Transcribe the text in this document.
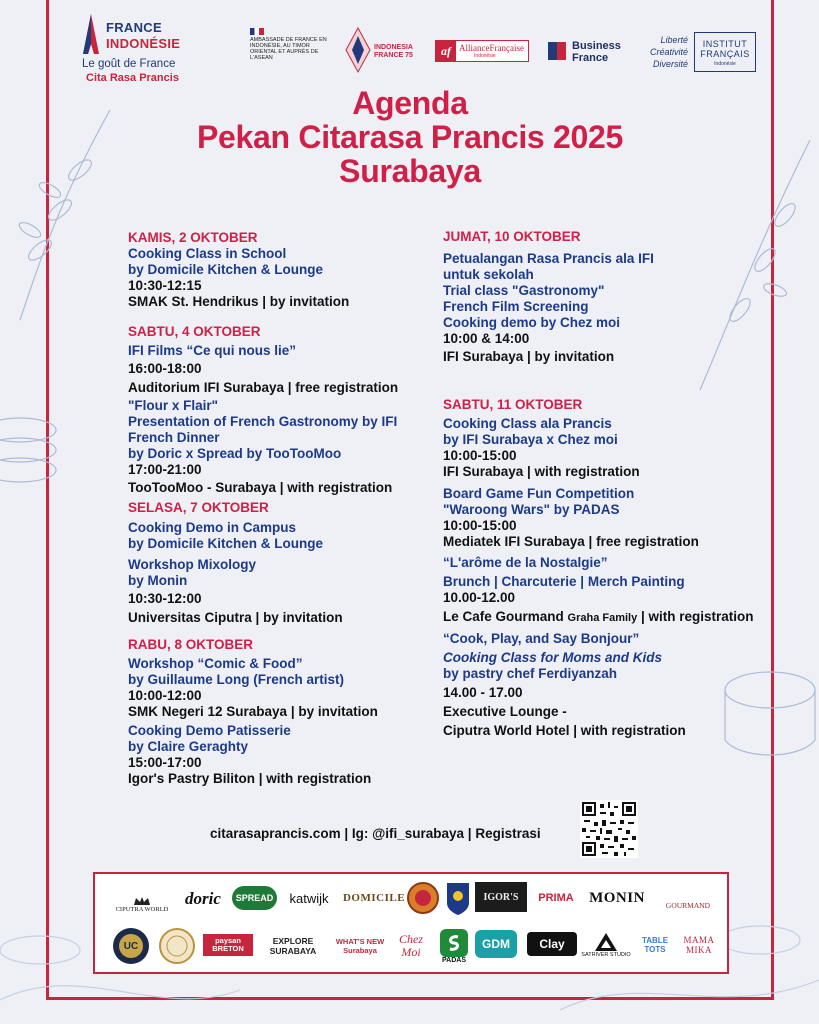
FRANCE
INDONÉSIE
Le goût de France
Cita Rasa Prancis
AMBASSADE DE FRANCE EN INDONÉSIE, AU TIMOR ORIENTAL ET AUPRÈS DE L'ASEAN
INDONESIA FRANCE 75	af AllianceFrançaise
Indonésie
Business France
Liberté
Créativité
Diversité
INSTITUT
FRANÇAIS
Indonésie
Agenda
Pekan Citarasa Prancis 2025
Surabaya
KAMIS, 2 OKTOBER
Cooking Class in School
by Domicile Kitchen & Lounge
10:30-12:15
SMAK St. Hendrikus | by invitation
SABTU, 4 OKTOBER
IFI Films “Ce qui nous lie”
16:00-18:00
Auditorium IFI Surabaya | free registration
"Flour x Flair"
Presentation of French Gastronomy by IFI
French Dinner
by Doric x Spread by TooTooMoo
17:00-21:00
TooTooMoo - Surabaya | with registration
SELASA, 7 OKTOBER
Cooking Demo in Campus
by Domicile Kitchen & Lounge
Workshop Mixology
by Monin
10:30-12:00
Universitas Ciputra | by invitation
RABU, 8 OKTOBER
Workshop “Comic & Food”
by Guillaume Long (French artist)
10:00-12:00
SMK Negeri 12 Surabaya | by invitation
Cooking Demo Patisserie
by Claire Geraghty
15:00-17:00
Igor's Pastry Biliton | with registration
JUMAT, 10 OKTOBER
Petualangan Rasa Prancis ala IFI
untuk sekolah
Trial class "Gastronomy"
French Film Screening
Cooking demo by Chez moi
10:00 & 14:00
IFI Surabaya | by invitation
SABTU, 11 OKTOBER
Cooking Class ala Prancis
by IFI Surabaya x Chez moi
10:00-15:00
IFI Surabaya | with registration
Board Game Fun Competition
"Waroong Wars" by PADAS
10:00-15:00
Mediatek IFI Surabaya | free registration
“L'arôme de la Nostalgie”
Brunch | Charcuterie | Merch Painting
10.00-12.00
Le Cafe Gourmand Graha Family | with registration
“Cook, Play, and Say Bonjour”
Cooking Class for Moms and Kids
by pastry chef Ferdiyanzah
14.00 - 17.00
Executive Lounge -
Ciputra World Hotel | with registration
citarasaprancis.com | Ig: @ifi_surabaya | Registrasi
CIPUTRA WORLD
doric	SPREAD	katwijk	DOMICILE	IGOR'S	PRIMA	MONIN	GOURMAND
UC	paysan BRETON
EXPLORE SURABAYA
WHAT'S NEW Surabaya
Chez Moi
PADAS
GDM	Clay
SATRIVER STUDIO
TABLE TOTS
MAMA MIKA
